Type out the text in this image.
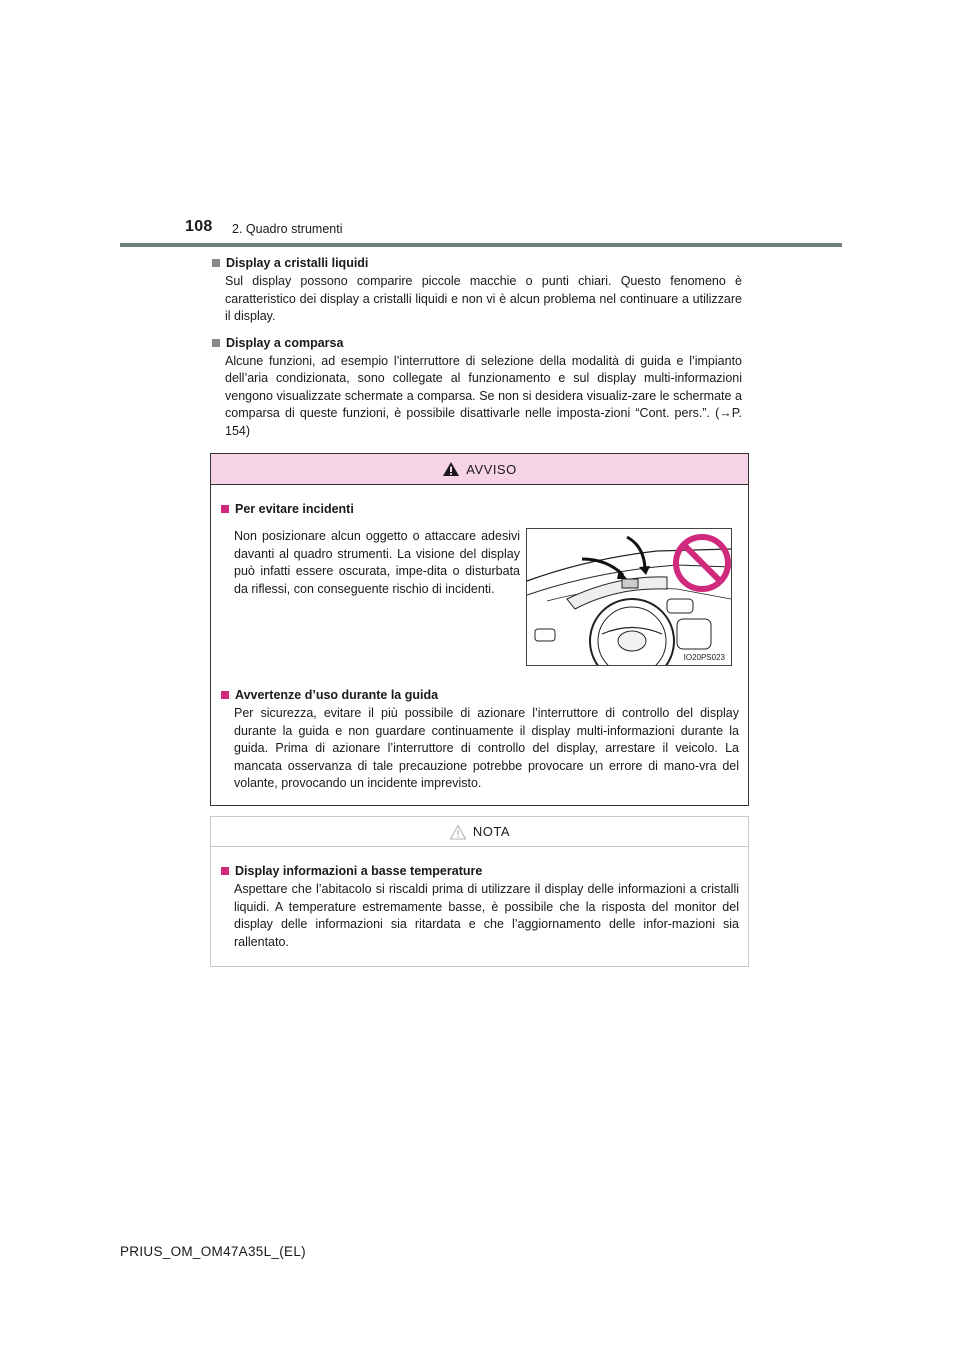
108 2. Quadro strumenti

Display a cristalli liquidi

Sul display possono comparire piccole macchie o punti chiari. Questo fenomeno è caratteristico dei display a cristalli liquidi e non vi è alcun problema nel continuare a utilizzare il display.

Display a comparsa

Alcune funzioni, ad esempio l’interruttore di selezione della modalità di guida e l’impianto dell’aria condizionata, sono collegate al funzionamento e sul display multi-informazioni vengono visualizzate schermate a comparsa. Se non si desidera visualiz-zare le schermate a comparsa di queste funzioni, è possibile disattivarle nelle imposta-zioni “Cont. pers.”. (→P. 154)

AVVISO

Per evitare incidenti

Non posizionare alcun oggetto o attaccare adesivi davanti al quadro strumenti. La visione del display può infatti essere oscurata, impe-dita o disturbata da riflessi, con conseguente rischio di incidenti.

IO20PS023

Avvertenze d’uso durante la guida

Per sicurezza, evitare il più possibile di azionare l’interruttore di controllo del display durante la guida e non guardare continuamente il display multi-informazioni durante la guida. Prima di azionare l’interruttore di controllo del display, arrestare il veicolo. La mancata osservanza di tale precauzione potrebbe provocare un errore di mano-vra del volante, provocando un incidente imprevisto.

NOTA

Display informazioni a basse temperature

Aspettare che l’abitacolo si riscaldi prima di utilizzare il display delle informazioni a cristalli liquidi. A temperature estremamente basse, è possibile che la risposta del monitor del display delle informazioni sia ritardata e che l’aggiornamento delle infor-mazioni sia rallentato.

PRIUS_OM_OM47A35L_(EL)
